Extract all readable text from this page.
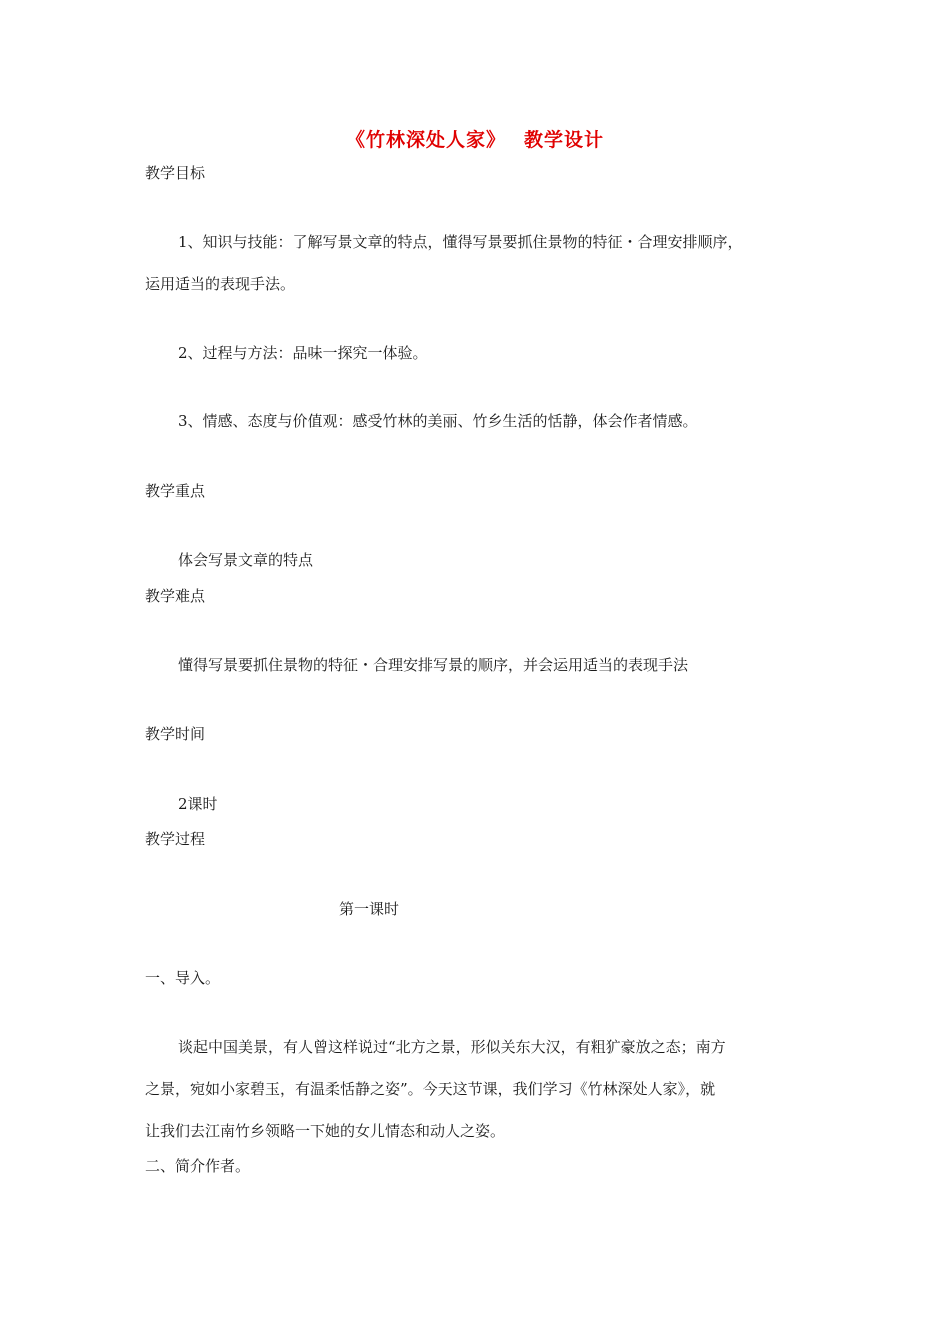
《竹林深处人家》 教学设计
教学目标
1、知识与技能：了解写景文章的特点，懂得写景要抓住景物的特征・合理安排顺序，
运用适当的表现手法。
2、过程与方法：品味一探究一体验。
3、情感、态度与价值观：感受竹林的美丽、竹乡生活的恬静，体会作者情感。
教学重点
体会写景文章的特点
教学难点
懂得写景要抓住景物的特征・合理安排写景的顺序，并会运用适当的表现手法
教学时间
2课时
教学过程
第一课时
一、导入。
谈起中国美景，有人曾这样说过“北方之景，形似关东大汉，有粗犷豪放之态；南方
之景，宛如小家碧玉，有温柔恬静之姿”。今天这节课，我们学习《竹林深处人家》，就
让我们去江南竹乡领略一下她的女儿情态和动人之姿。
二、简介作者。
